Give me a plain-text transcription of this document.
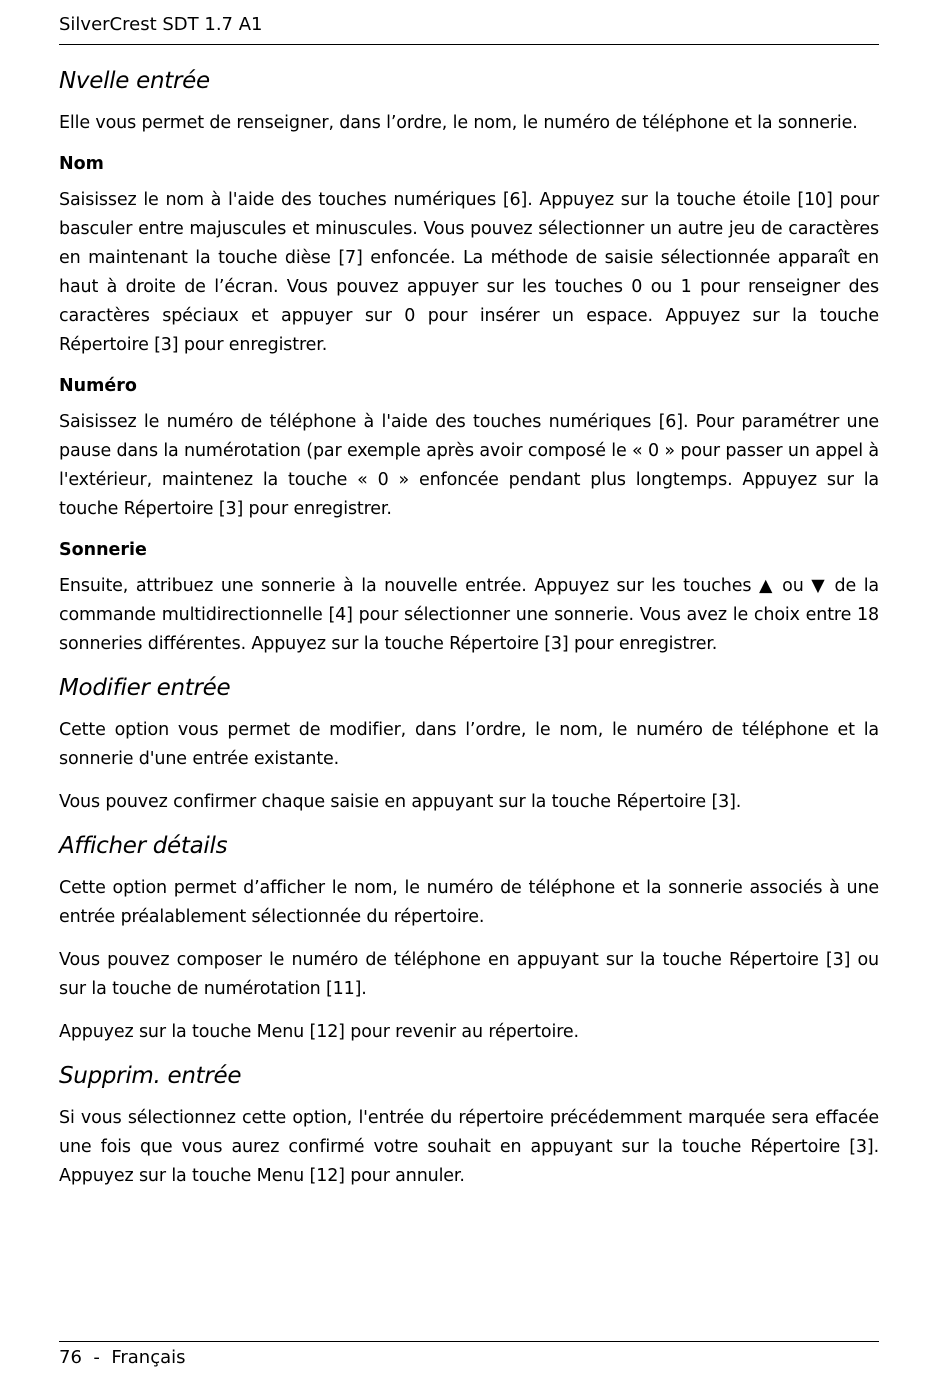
SilverCrest SDT 1.7 A1
Nvelle entrée

Elle vous permet de renseigner, dans l’ordre, le nom, le numéro de téléphone et la sonnerie.

Nom

Saisissez le nom à l'aide des touches numériques [6]. Appuyez sur la touche étoile [10] pour basculer entre majuscules et minuscules. Vous pouvez sélectionner un autre jeu de caractères en maintenant la touche dièse [7] enfoncée. La méthode de saisie sélectionnée apparaît en haut à droite de l’écran. Vous pouvez appuyer sur les touches 0 ou 1 pour renseigner des caractères spéciaux et appuyer sur 0 pour insérer un espace. Appuyez sur la touche Répertoire [3] pour enregistrer.

Numéro

Saisissez le numéro de téléphone à l'aide des touches numériques [6]. Pour paramétrer une pause dans la numérotation (par exemple après avoir composé le « 0 » pour passer un appel à l'extérieur, maintenez la touche « 0 » enfoncée pendant plus longtemps. Appuyez sur la touche Répertoire [3] pour enregistrer.

Sonnerie

Ensuite, attribuez une sonnerie à la nouvelle entrée. Appuyez sur les touches ▲ ou ▼ de la commande multidirectionnelle [4] pour sélectionner une sonnerie. Vous avez le choix entre 18 sonneries différentes. Appuyez sur la touche Répertoire [3] pour enregistrer.

Modifier entrée

Cette option vous permet de modifier, dans l’ordre, le nom, le numéro de téléphone et la sonnerie d'une entrée existante.

Vous pouvez confirmer chaque saisie en appuyant sur la touche Répertoire [3].

Afficher détails

Cette option permet d’afficher le nom, le numéro de téléphone et la sonnerie associés à une entrée préalablement sélectionnée du répertoire.

Vous pouvez composer le numéro de téléphone en appuyant sur la touche Répertoire [3] ou sur la touche de numérotation [11].

Appuyez sur la touche Menu [12] pour revenir au répertoire.

Supprim. entrée

Si vous sélectionnez cette option, l'entrée du répertoire précédemment marquée sera effacée une fois que vous aurez confirmé votre souhait en appuyant sur la touche Répertoire [3]. Appuyez sur la touche Menu [12] pour annuler.

76 - Français
